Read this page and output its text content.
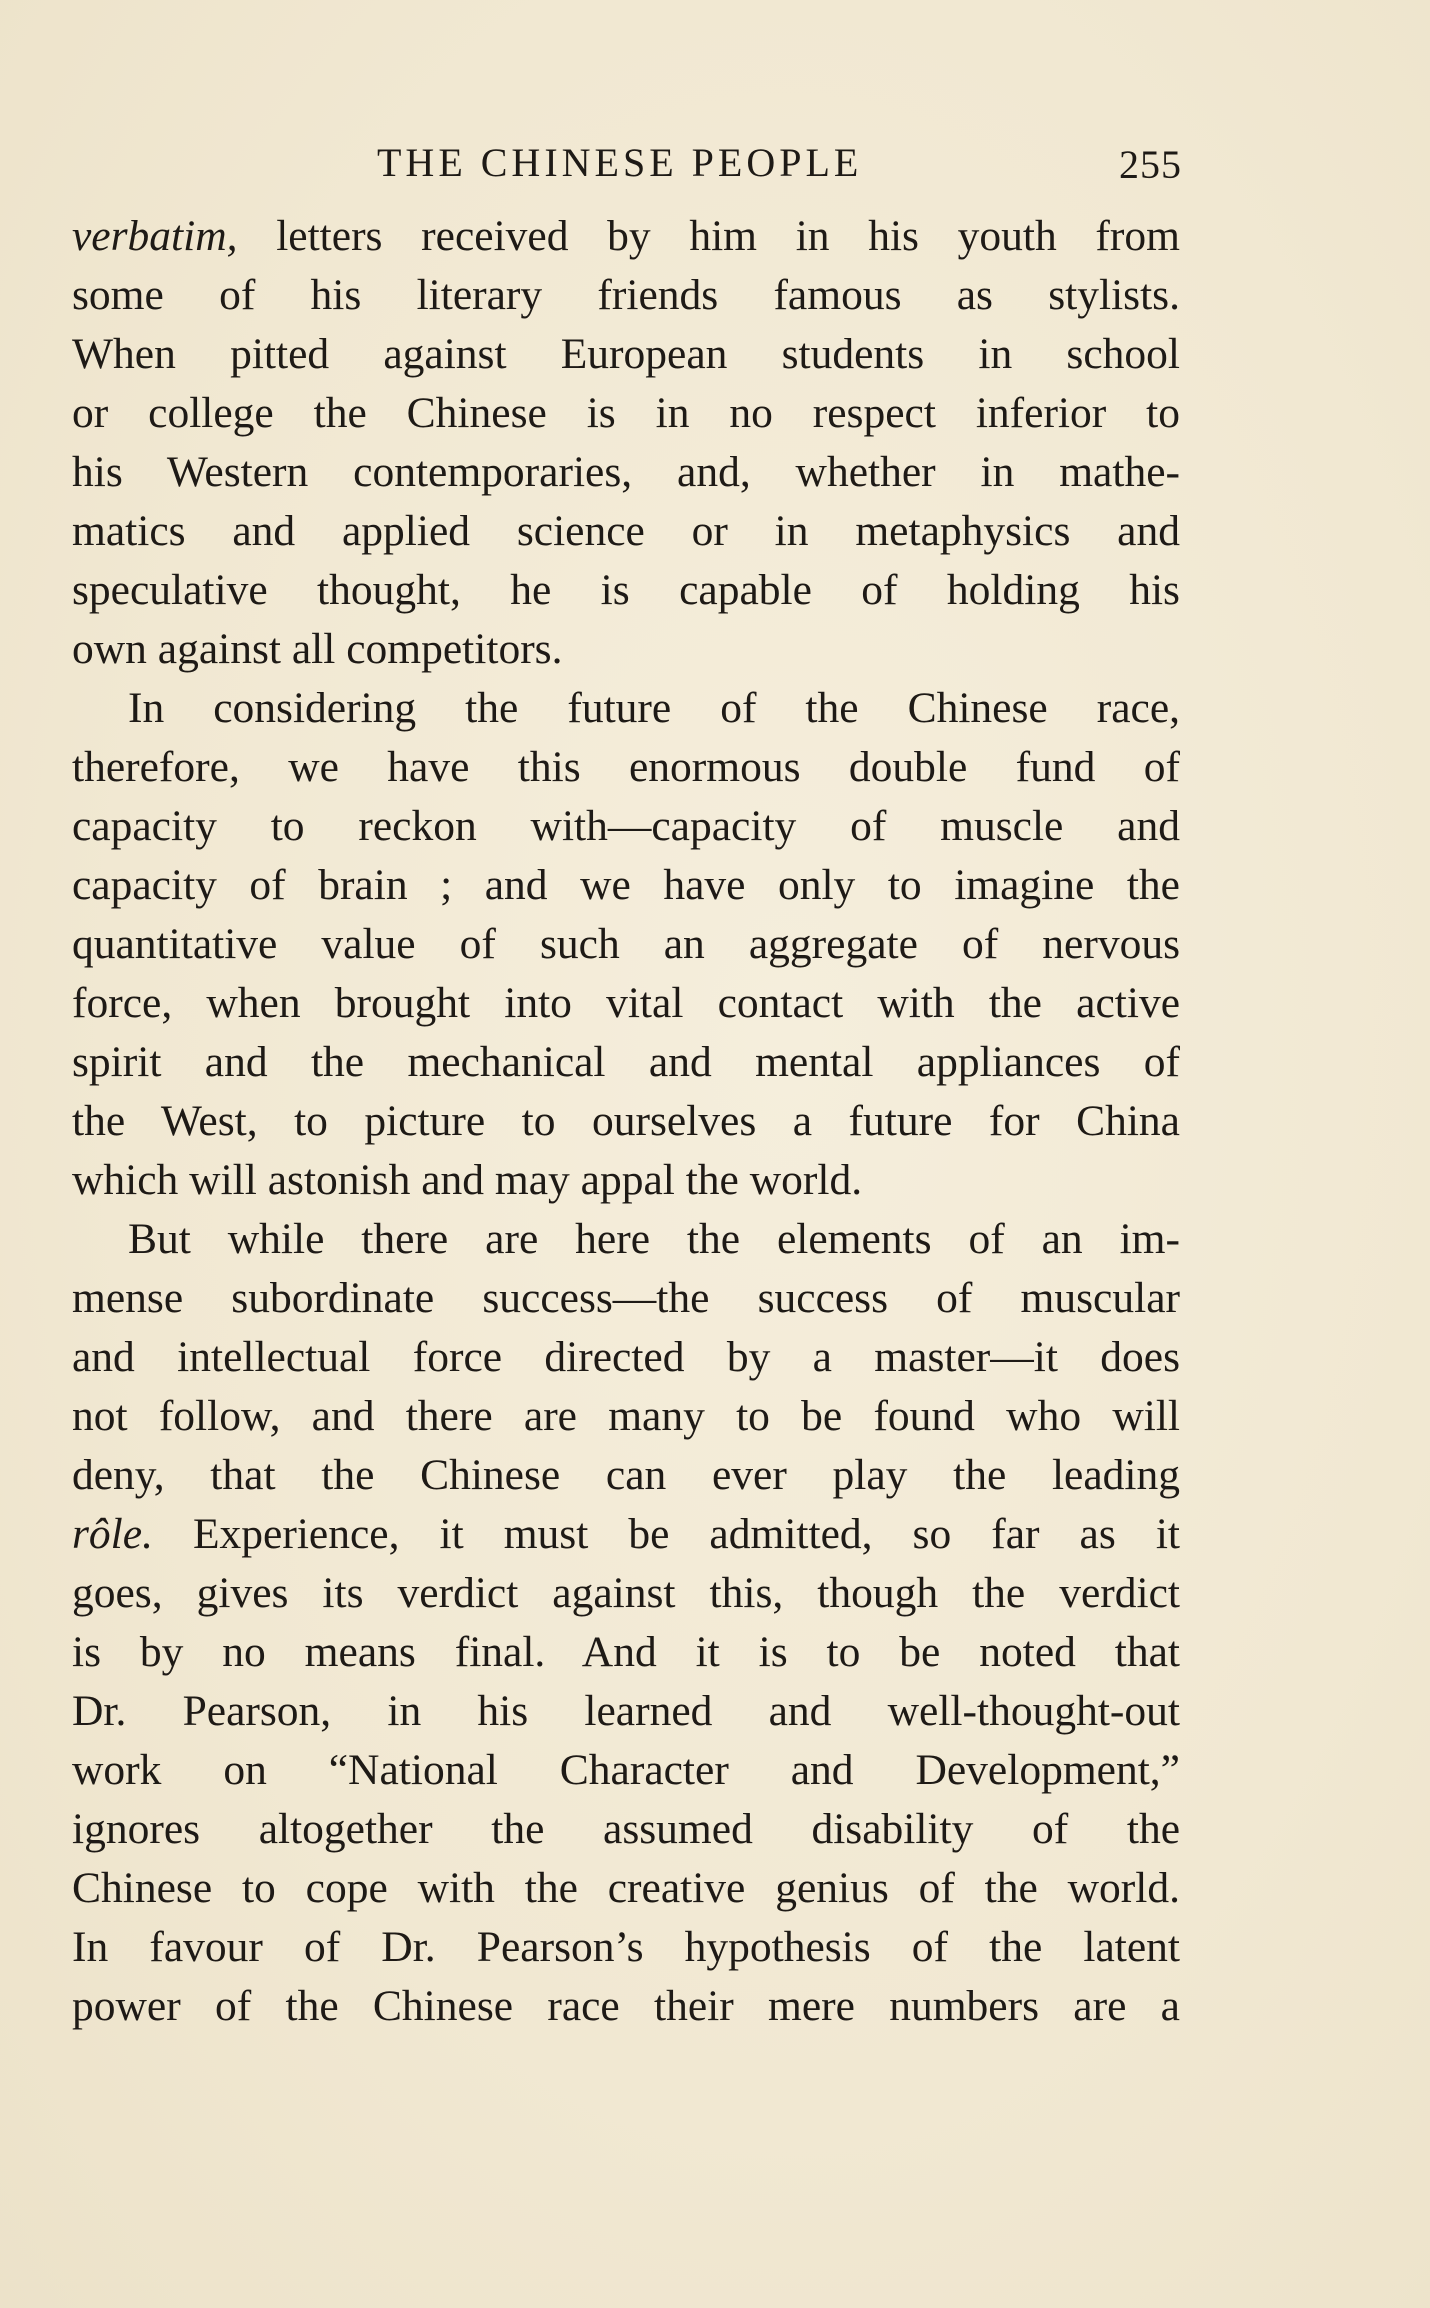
THE CHINESE PEOPLE	255
verbatim, letters received by him in his youth from
some of his literary friends famous as stylists.
When pitted against European students in school
or college the Chinese is in no respect inferior to
his Western contemporaries, and, whether in mathe-
matics and applied science or in metaphysics and
speculative thought, he is capable of holding his
own against all competitors.
In considering the future of the Chinese race,
therefore, we have this enormous double fund of
capacity to reckon with—capacity of muscle and
capacity of brain ; and we have only to imagine the
quantitative value of such an aggregate of nervous
force, when brought into vital contact with the active
spirit and the mechanical and mental appliances of
the West, to picture to ourselves a future for China
which will astonish and may appal the world.
But while there are here the elements of an im-
mense subordinate success—the success of muscular
and intellectual force directed by a master—it does
not follow, and there are many to be found who will
deny, that the Chinese can ever play the leading
rôle. Experience, it must be admitted, so far as it
goes, gives its verdict against this, though the verdict
is by no means final. And it is to be noted that
Dr. Pearson, in his learned and well-thought-out
work on “National Character and Development,”
ignores altogether the assumed disability of the
Chinese to cope with the creative genius of the world.
In favour of Dr. Pearson’s hypothesis of the latent
power of the Chinese race their mere numbers are a
